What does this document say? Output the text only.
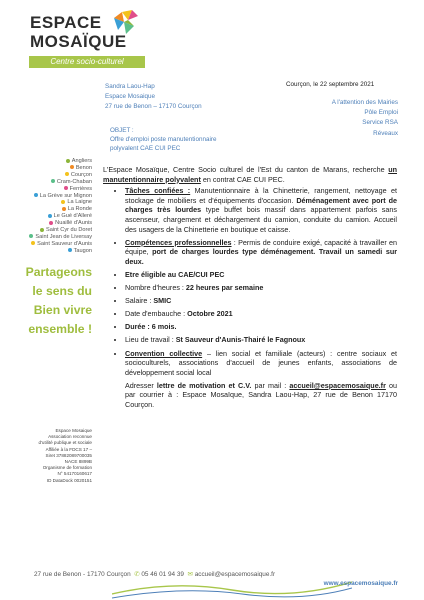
ESPACE
MOSAÏQUE
Centre socio-culturel
Sandra Laou-Hap
Espace Mosaique
27 rue de Benon – 17170 Courçon
Courçon, le 22 septembre 2021
A l'attention des Mairies
Pôle Emploi
Service RSA
Réveaux
OBJET :
Offre d'emploi poste manutentionnaire
polyvalent CAE CUI PEC
Angliers
Benon
Courçon
Cram-Chaban
Ferrières
La Grève sur Mignon
La Laigne
La Ronde
Le Gué d'Alleré
Nuaillé d'Aunis
Saint Cyr du Doret
Saint Jean de Liversay
Saint Sauveur d'Aunis
Taugon
Partageons
le sens du
Bien vivre
ensemble !
Espace Mosaique
Association reconnue
d'utilité publique et sociale
Affiliée à la FDCS 17 –
Siret 37882089700035
NACE 8899B
Organisme de formation
N° 54170160617
ID DataDock 0020151

L'Espace Mosaïque, Centre Socio culturel de l'Est du canton de Marans, recherche un manutentionnaire polyvalent en contrat CAE CUI PEC.

• Tâches confiées : Manutentionnaire à la Chinetterie, rangement, nettoyage et stockage de mobiliers et d'équipements d'occasion. Déménagement avec port de charges très lourdes type buffet bois massif dans appartement parfois sans ascenseur, chargement et déchargement du camion, conduite du camion. Accueil des usagers de la Chinetterie en boutique et caisse.
• Compétences professionnelles : Permis de conduire exigé, capacité à travailler en équipe, port de charges lourdes type déménagement. Travail un samedi sur deux.
• Etre éligible au CAE/CUI PEC
• Nombre d'heures : 22 heures par semaine
• Salaire : SMIC
• Date d'embauche : Octobre 2021
• Durée : 6 mois.
• Lieu de travail : St Sauveur d'Aunis-Thairé le Fagnoux
• Convention collective – lien social et familiale (acteurs) : centre sociaux et socioculturels, associations d'accueil de jeunes enfants, associations de développement social local

Adresser lettre de motivation et C.V. par mail : accueil@espacemosaique.fr ou par courrier à : Espace Mosaïque, Sandra Laou-Hap, 27 rue de Benon 17170 Courçon.

27 rue de Benon - 17170 Courçon  ✆ 05 46 01 94 39  ✉ accueil@espacemosaique.fr
www.espacemosaique.fr
